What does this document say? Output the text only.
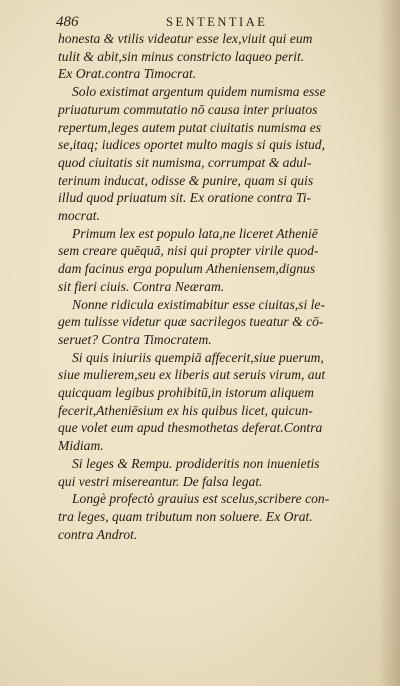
486	SENTENTIAE
honesta & vtilis videatur esse lex,viuit qui eum
tulit & abit,sin minus constricto laqueo perit.
Ex Orat.contra Timocrat.
Solo existimat argentum quidem numisma esse
priuaturum commutatio nō causa inter priuatos
repertum,leges autem putat ciuitatis numisma es
se,itaq; iudices oportet multo magis si quis istud,
quod ciuitatis sit numisma, corrumpat & adul-
terinum inducat, odisse & punire, quam si quis
illud quod priuatum sit. Ex oratione contra Ti-
mocrat.
Primum lex est populo lata,ne liceret Atheniē
sem creare quēquā, nisi qui propter virile quod-
dam facinus erga populum Atheniensem,dignus
sit fieri ciuis. Contra Neæram.
Nonne ridicula existimabitur esse ciuitas,si le-
gem tulisse videtur quæ sacrilegos tueatur & cō-
seruet? Contra Timocratem.
Si quis iniuriis quempiā affecerit,siue puerum,
siue mulierem,seu ex liberis aut seruis virum, aut
quicquam legibus prohibitū,in istorum aliquem
fecerit,Atheniēsium ex his quibus licet, quicun-
que volet eum apud thesmothetas deferat.Contra
Midiam.
Si leges & Rempu. prodideritis non inuenietis
qui vestri misereantur. De falsa legat.
Longè profectò grauius est scelus,scribere con-
tra leges, quam tributum non soluere. Ex Orat.
contra Androt.
